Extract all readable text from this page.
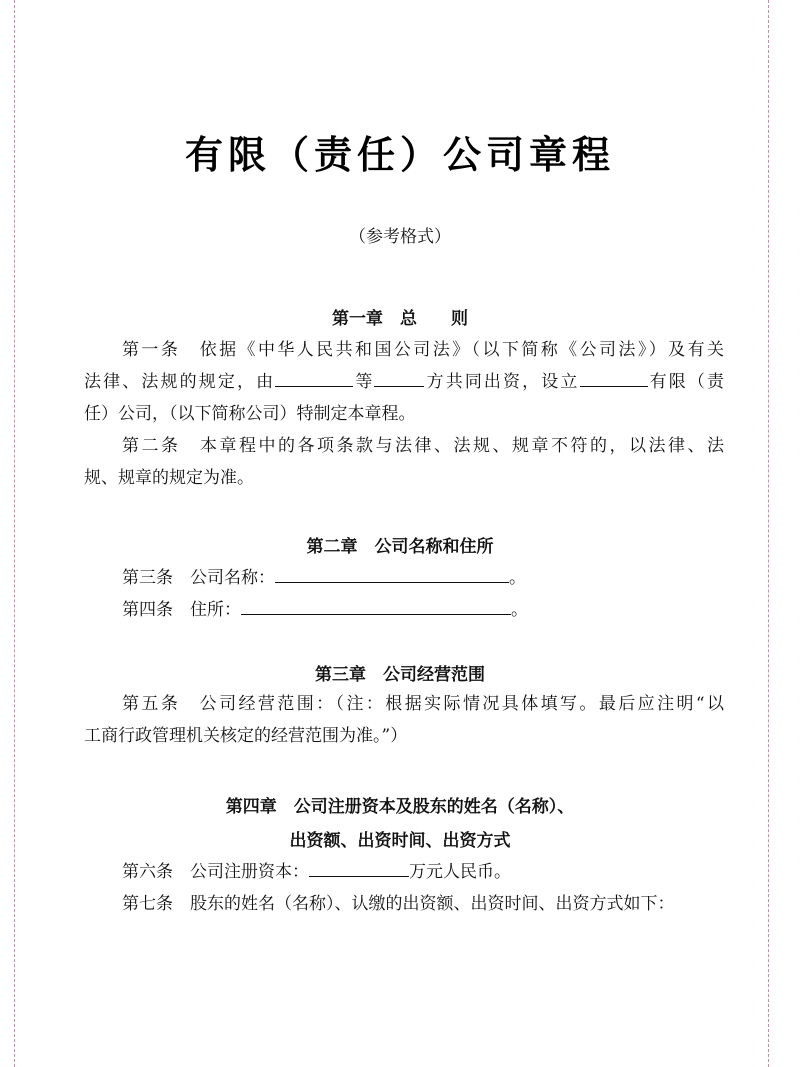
有限（责任）公司章程
（参考格式）
第一章　总　　则
第一条　 依据《中华人民共和国公司法》（以下简称《公司法》）及有关
法律、法规的规定，由	等	方共同出资，设立	有限（责
任）公司，（以下简称公司）特制定本章程。
第二条　 本章程中的各项条款与法律、法规、规章不符的，以法律、法
规、规章的规定为准。
第二章　公司名称和住所
第三条　 公司名称：	。
第四条　 住所：	。
第三章　公司经营范围
第五条　 公司经营范围：（注：根据实际情况具体填写。最后应注明“以
工商行政管理机关核定的经营范围为准。”）
第四章　公司注册资本及股东的姓名（名称）、
出资额、出资时间、出资方式
第六条　 公司注册资本：	万元人民币。
第七条　 股东的姓名（名称）、认缴的出资额、出资时间、出资方式如下：
